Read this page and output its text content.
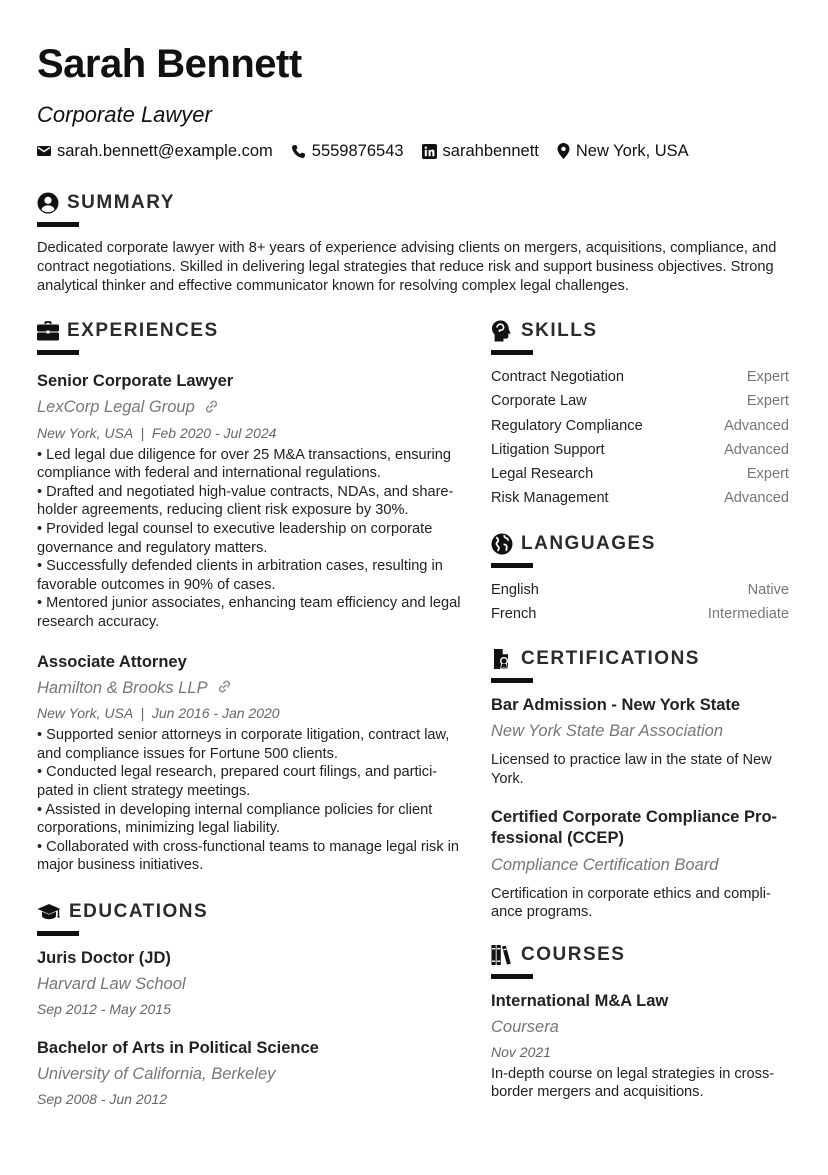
Sarah Bennett
Corporate Lawyer
sarah.bennett@example.com 5559876543 sarahbennett New York, USA
SUMMARY

Dedicated corporate lawyer with 8+ years of experience advising clients on mergers, acquisitions, compliance, and contract negotiations. Skilled in delivering legal strategies that reduce risk and support business objectives. Strong analytical thinker and effective communicator known for resolving complex legal challenges.

EXPERIENCES
Senior Corporate Lawyer
LexCorp Legal Group
New York, USA  |  Feb 2020 - Jul 2024
• Led legal due diligence for over 25 M&A transactions, ensuring compliance with federal and international regulations.
• Drafted and negotiated high-value contracts, NDAs, and share-holder agreements, reducing client risk exposure by 30%.
• Provided legal counsel to executive leadership on corporate governance and regulatory matters.
• Successfully defended clients in arbitration cases, resulting in favorable outcomes in 90% of cases.
• Mentored junior associates, enhancing team efficiency and legal research accuracy.
Associate Attorney
Hamilton & Brooks LLP
New York, USA  |  Jun 2016 - Jan 2020
• Supported senior attorneys in corporate litigation, contract law, and compliance issues for Fortune 500 clients.
• Conducted legal research, prepared court filings, and partici-pated in client strategy meetings.
• Assisted in developing internal compliance policies for client corporations, minimizing legal liability.
• Collaborated with cross-functional teams to manage legal risk in major business initiatives.
EDUCATIONS
Juris Doctor (JD)
Harvard Law School
Sep 2012 - May 2015
Bachelor of Arts in Political Science
University of California, Berkeley
Sep 2008 - Jun 2012
SKILLS
Contract Negotiation	Expert
Corporate Law	Expert
Regulatory Compliance	Advanced
Litigation Support	Advanced
Legal Research	Expert
Risk Management	Advanced
LANGUAGES
English	Native
French	Intermediate
CERTIFICATIONS
Bar Admission - New York State
New York State Bar Association
Licensed to practice law in the state of New York.
Certified Corporate Compliance Pro-fessional (CCEP)
Compliance Certification Board
Certification in corporate ethics and compli-ance programs.
COURSES
International M&A Law
Coursera
Nov 2021
In-depth course on legal strategies in cross-border mergers and acquisitions.
